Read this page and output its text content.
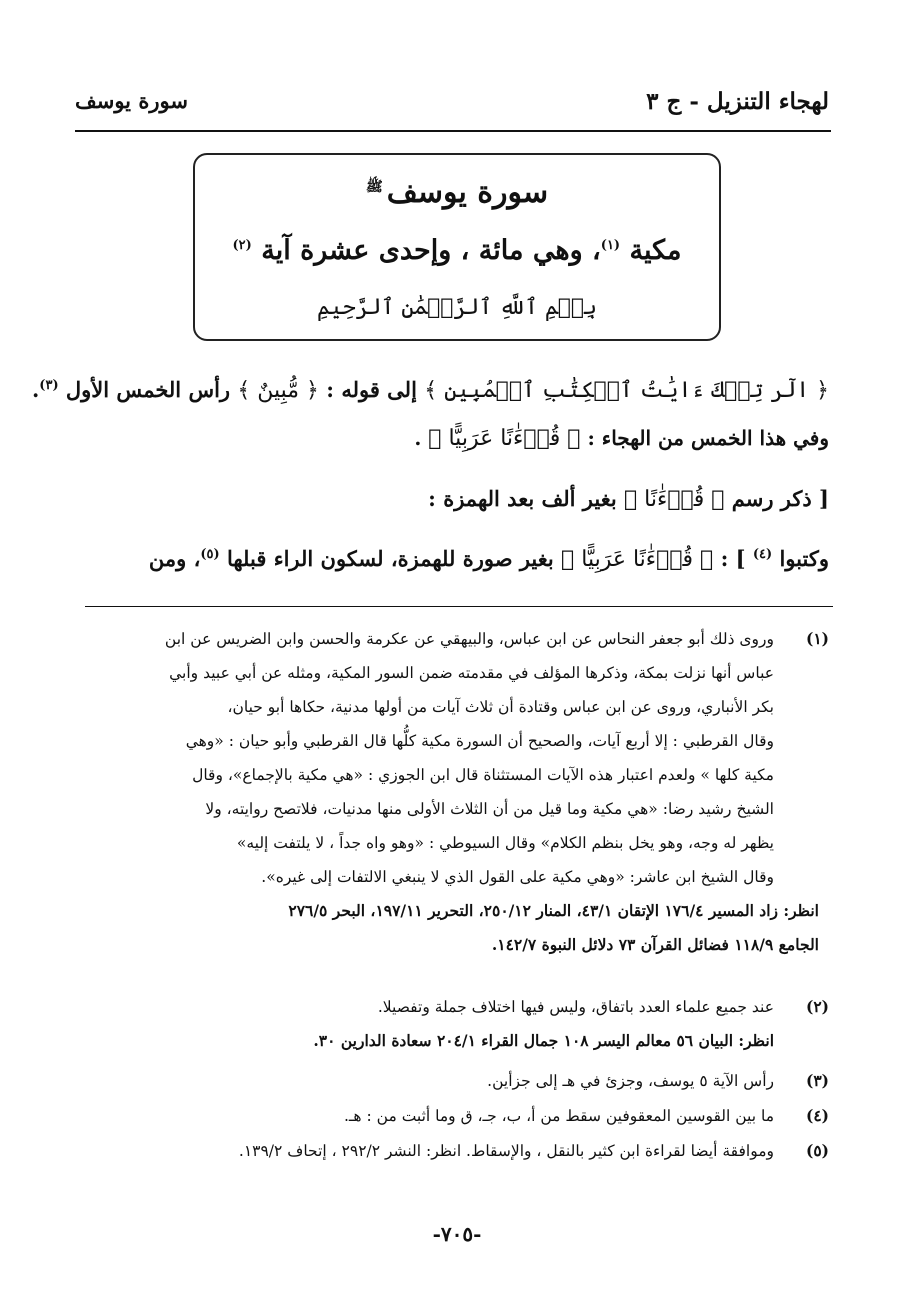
لهجاء التنزيل - ج ٣
سورة يوسف
سورة يوسف$^ﷺ$
مكية $^{(١)}$، وهي مائة ، وإحدى عشرة آية $^{(٢)}$
بِسۡمِ ٱللَّهِ ٱلرَّحۡمَٰنِ ٱلرَّحِيمِ
﴿ الٓر تِلۡكَ ءَايَٰتُ ٱلۡكِتَٰبِ ٱلۡمُبِينِ ﴾ إلى قوله : ﴿ مُّبِينٌ ﴾ رأس الخمس الأول $^{(٣)}$.
وفي هذا الخمس من الهجاء : ﴿ قُرۡءَٰنًا عَرَبِيًّا ﴾ .
[ ذكر رسم ﴿ قُرۡءَٰنًا ﴾ بغير ألف بعد الهمزة :
وكتبوا $^{(٤)}$ ] : ﴿ قُرۡءَٰنًا عَرَبِيًّا ﴾ بغير صورة للهمزة، لسكون الراء قبلها $^{(٥)}$، ومن
(١)

وروى ذلك أبو جعفر النحاس عن ابن عباس، والبيهقي عن عكرمة والحسن وابن الضريس عن ابن

عباس أنها نزلت بمكة، وذكرها المؤلف في مقدمته ضمن السور المكية، ومثله عن أبي عبيد وأبي

بكر الأنباري، وروى عن ابن عباس وقتادة أن ثلاث آيات من أولها مدنية، حكاها أبو حيان،

وقال القرطبي : إلا أربع آيات، والصحيح أن السورة مكية كلُّها قال القرطبي وأبو حيان : «وهي

مكية كلها » ولعدم اعتبار هذه الآيات المستثناة قال ابن الجوزي : «هي مكية بالإجماع»، وقال

الشيخ رشيد رضا: «هي مكية وما قيل من أن الثلاث الأولى منها مدنيات، فلاتصح روايته، ولا

يظهر له وجه، وهو يخل بنظم الكلام» وقال السيوطي : «وهو واه جداً ، لا يلتفت إليه»

وقال الشيخ ابن عاشر: «وهي مكية على القول الذي لا ينبغي الالتفات إلى غيره».

انظر: زاد المسير ١٧٦/٤ الإتقان ٤٣/١، المنار ٢٥٠/١٢، التحرير ١٩٧/١١، البحر ٢٧٦/٥

الجامع ١١٨/٩ فضائل القرآن ٧٣ دلائل النبوة ١٤٢/٧.

(٢)

عند جميع علماء العدد باتفاق، وليس فيها اختلاف جملة وتفصيلا.

انظر: البيان ٥٦ معالم اليسر ١٠٨ جمال القراء ٢٠٤/١ سعادة الدارين ٣٠.

(٣)

رأس الآية ٥ يوسف، وجزئ في هـ إلى جزأين.

(٤)

ما بين القوسين المعقوفين سقط من أ، ب، جـ، ق وما أثبت من : هـ.

(٥)

وموافقة أيضا لقراءة ابن كثير بالنقل ، والإسقاط. انظر: النشر ٢٩٢/٢ ، إتحاف ١٣٩/٢.

-٧٠٥-
